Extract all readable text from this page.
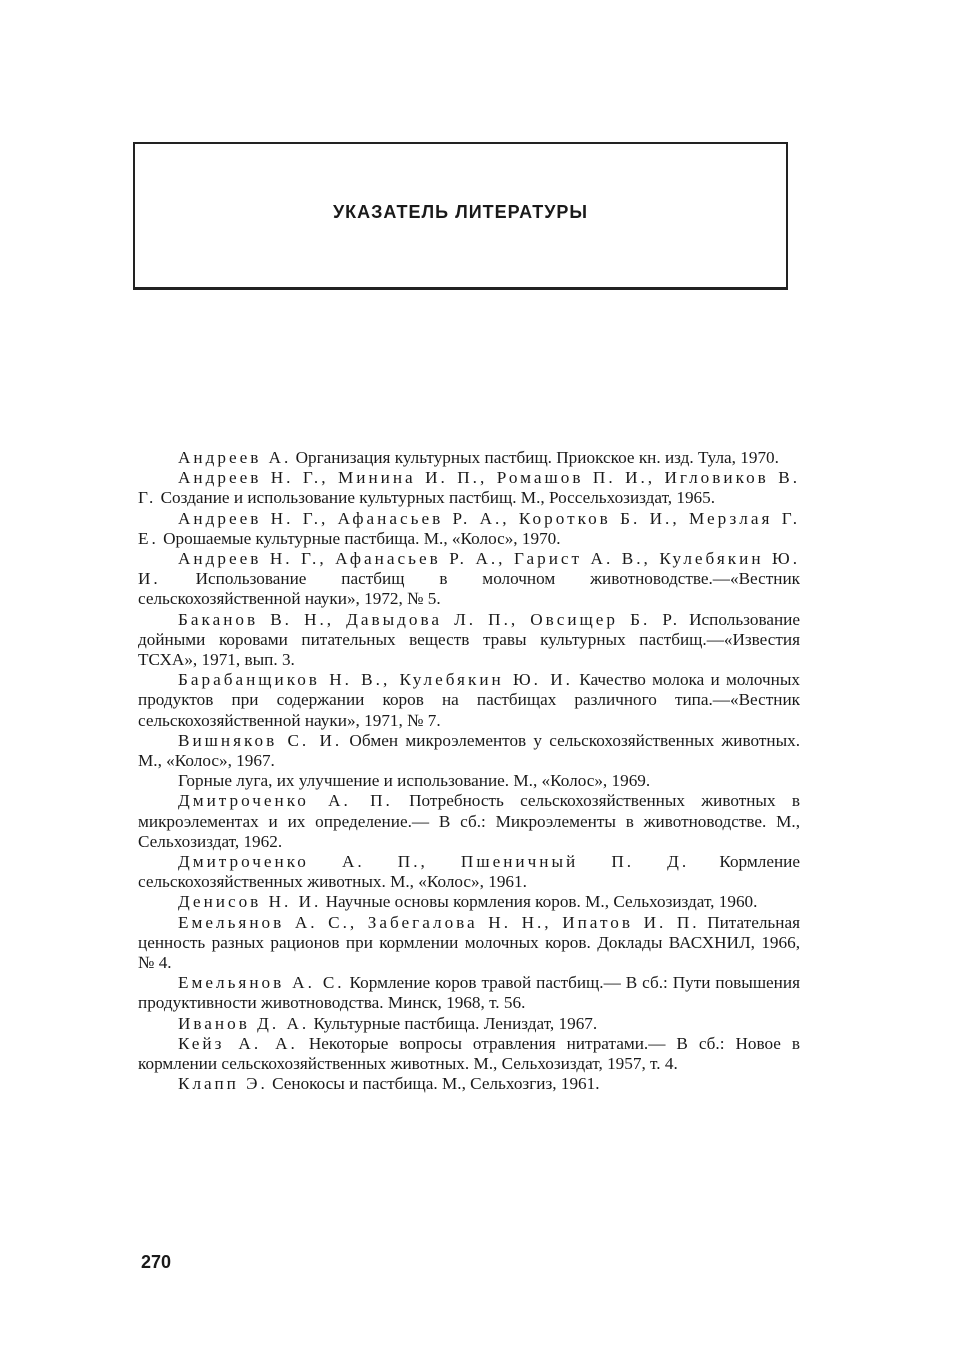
УКАЗАТЕЛЬ ЛИТЕРАТУРЫ

Андреев А. Организация культурных пастбищ. Приокское кн. изд. Тула, 1970.

Андреев Н. Г., Минина И. П., Ромашов П. И., Игловиков В. Г. Создание и использование культурных пастбищ. М., Россельхозиздат, 1965.

Андреев Н. Г., Афанасьев Р. А., Коротков Б. И., Мерзлая Г. Е. Орошаемые культурные пастбища. М., «Колос», 1970.

Андреев Н. Г., Афанасьев Р. А., Гарист А. В., Кулебякин Ю. И. Использование пастбищ в молочном животноводстве.—«Вестник сельскохозяйственной науки», 1972, № 5.

Баканов В. Н., Давыдова Л. П., Овсищер Б. Р. Использование дойными коровами питательных веществ травы культурных пастбищ.—«Известия ТСХА», 1971, вып. 3.

Барабанщиков Н. В., Кулебякин Ю. И. Качество молока и молочных продуктов при содержании коров на пастбищах различного типа.—«Вестник сельскохозяйственной науки», 1971, № 7.

Вишняков С. И. Обмен микроэлементов у сельскохозяйственных животных. М., «Колос», 1967.

Горные луга, их улучшение и использование. М., «Колос», 1969.

Дмитроченко А. П. Потребность сельскохозяйственных животных в микроэлементах и их определение.— В сб.: Микроэлементы в животноводстве. М., Сельхозиздат, 1962.

Дмитроченко А. П., Пшеничный П. Д. Кормление сельскохозяйственных животных. М., «Колос», 1961.

Денисов Н. И. Научные основы кормления коров. М., Сельхозиздат, 1960.

Емельянов А. С., Забегалова Н. Н., Ипатов И. П. Питательная ценность разных рационов при кормлении молочных коров. Доклады ВАСХНИЛ, 1966, № 4.

Емельянов А. С. Кормление коров травой пастбищ.— В сб.: Пути повышения продуктивности животноводства. Минск, 1968, т. 56.

Иванов Д. А. Культурные пастбища. Лениздат, 1967.

Кейз А. А. Некоторые вопросы отравления нитратами.— В сб.: Новое в кормлении сельскохозяйственных животных. М., Сельхозиздат, 1957, т. 4.

Клапп Э. Сенокосы и пастбища. М., Сельхозгиз, 1961.

270
